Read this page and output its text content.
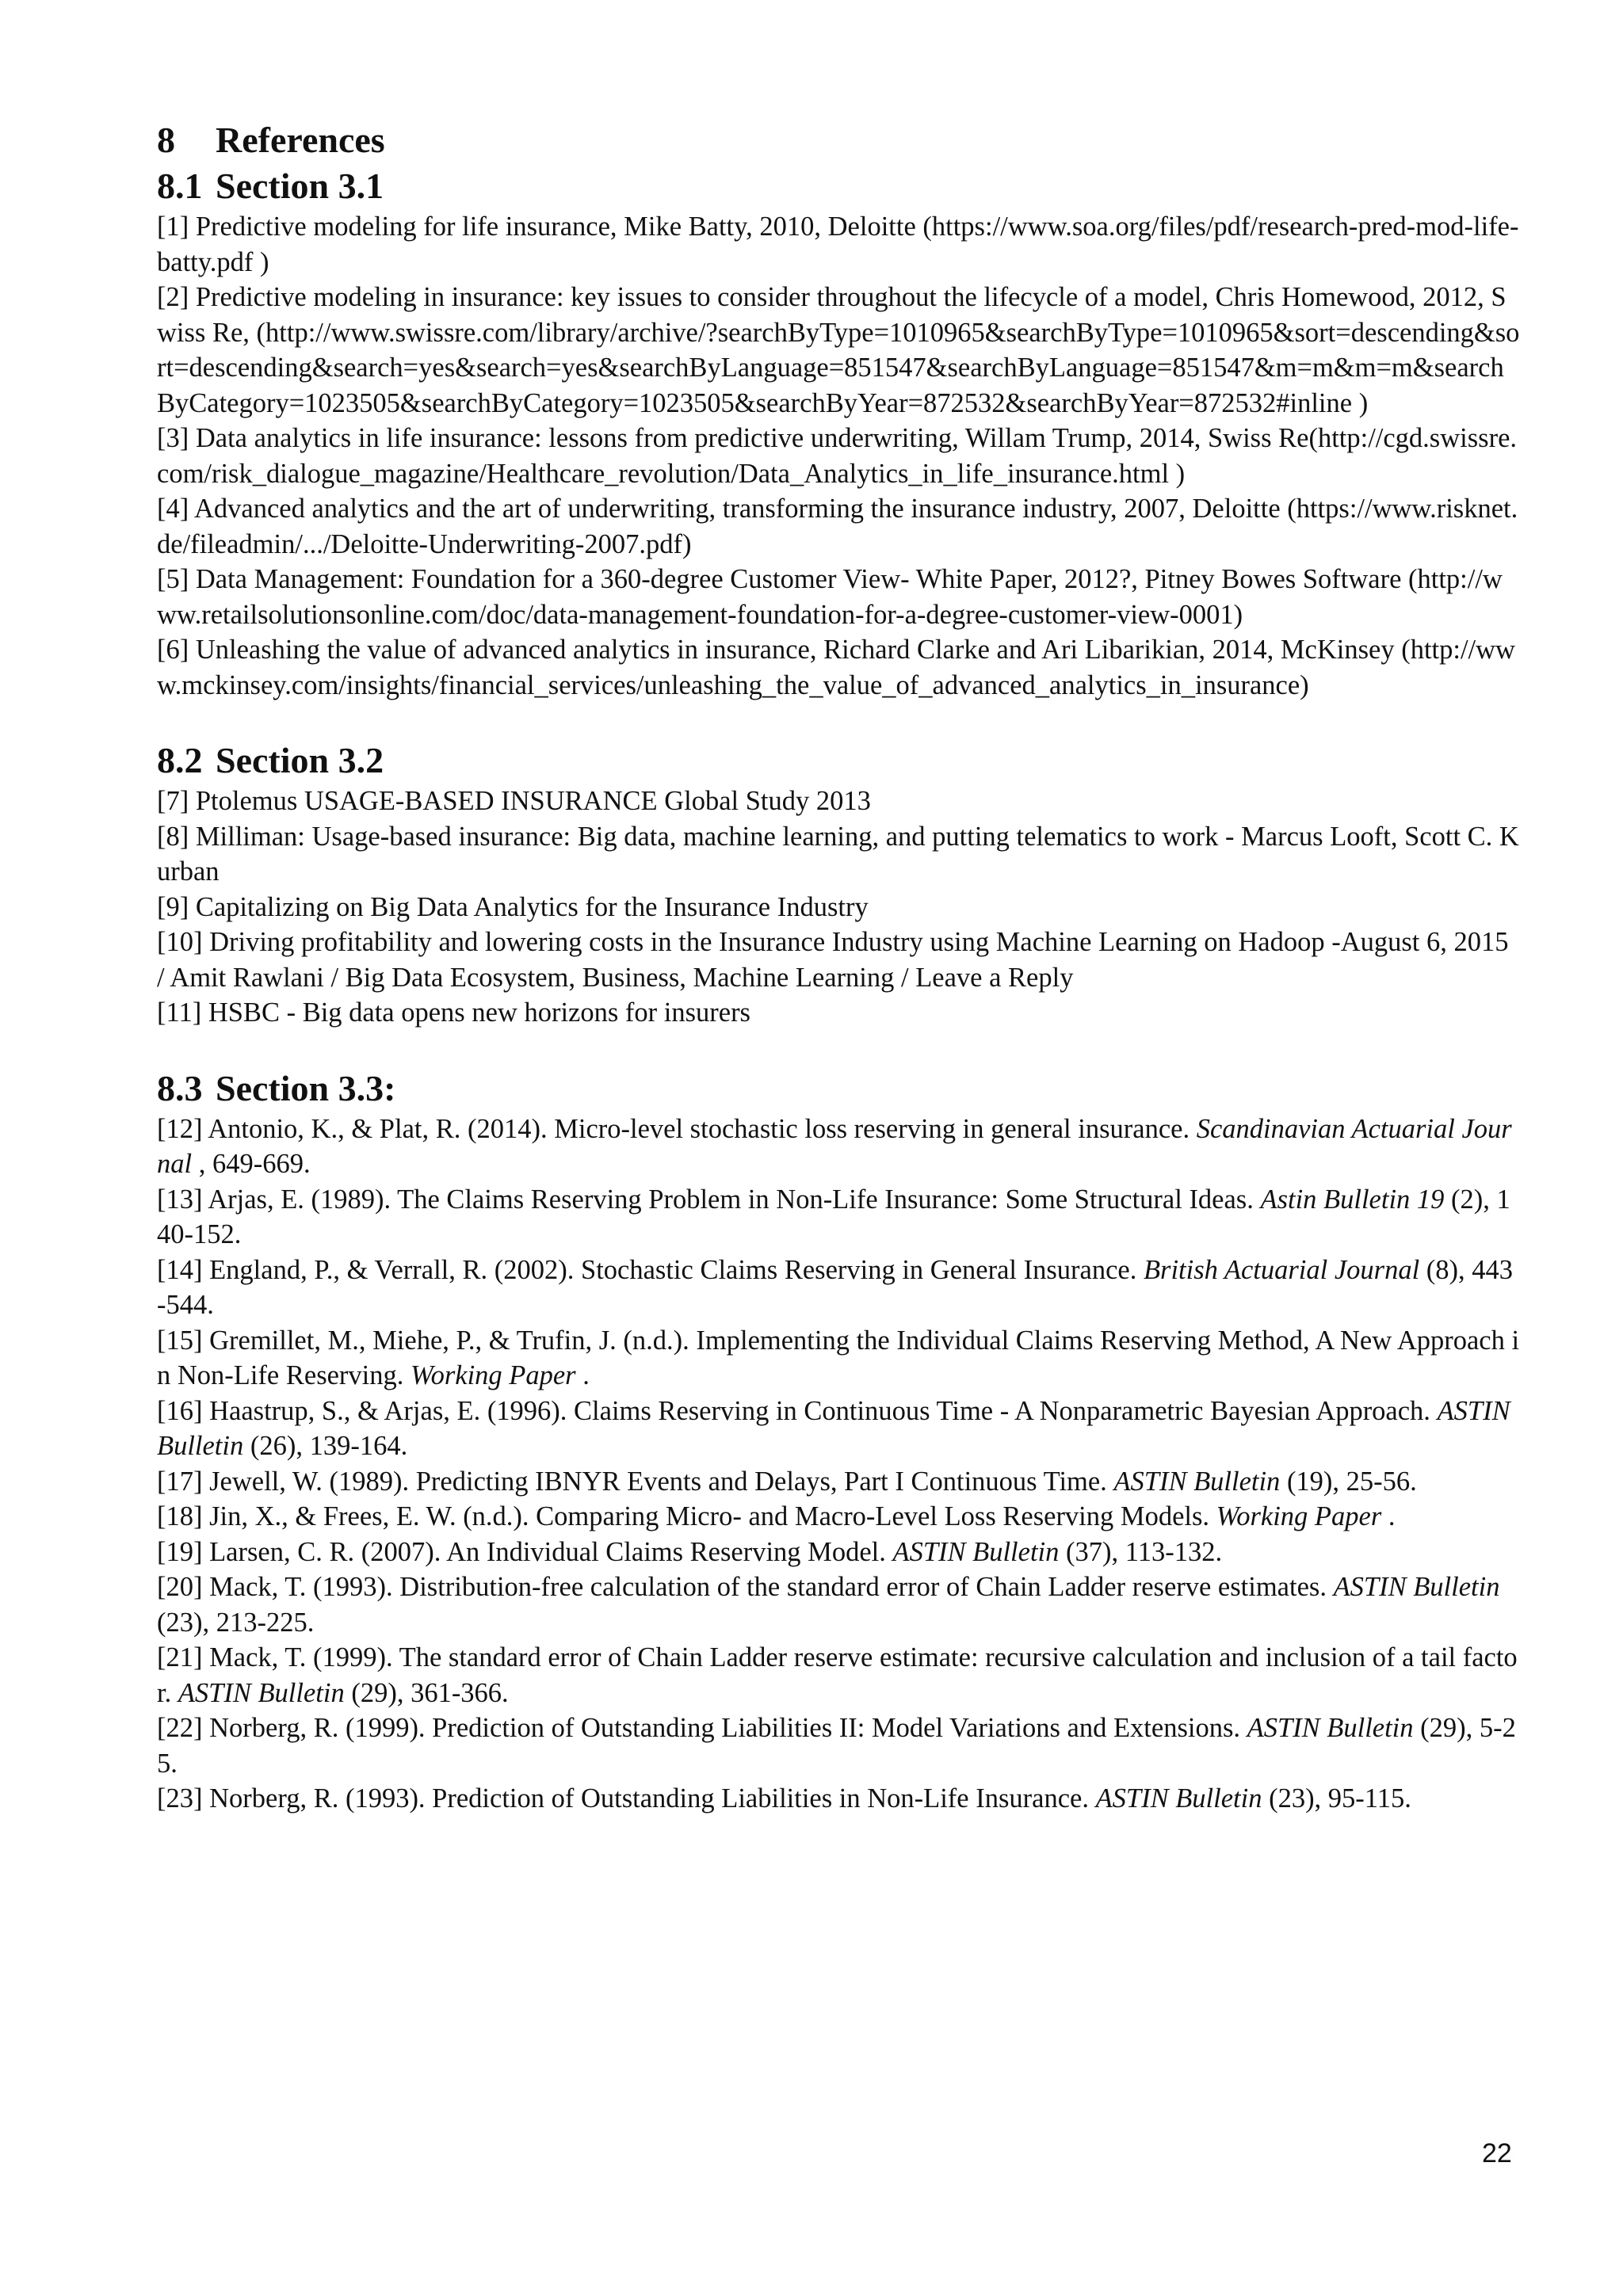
8 References
8.1 Section 3.1

[1] Predictive modeling for life insurance, Mike Batty, 2010, Deloitte (https://www.soa.org/files/pdf/research-pred-mod-life-batty.pdf )

[2] Predictive modeling in insurance: key issues to consider throughout the lifecycle of a model, Chris Homewood, 2012, Swiss Re, (http://www.swissre.com/library/archive/?searchByType=1010965&searchByType=1010965&sort=descending&sort=descending&search=yes&search=yes&searchByLanguage=851547&searchByLanguage=851547&m=m&m=m&searchByCategory=1023505&searchByCategory=1023505&searchByYear=872532&searchByYear=872532#inline )

[3] Data analytics in life insurance: lessons from predictive underwriting, Willam Trump, 2014, Swiss Re(http://cgd.swissre.com/risk_dialogue_magazine/Healthcare_revolution/Data_Analytics_in_life_insurance.html )

[4] Advanced analytics and the art of underwriting, transforming the insurance industry, 2007, Deloitte (https://www.risknet.de/fileadmin/.../Deloitte-Underwriting-2007.pdf)

[5] Data Management: Foundation for a 360-degree Customer View- White Paper, 2012?, Pitney Bowes Software (http://www.retailsolutionsonline.com/doc/data-management-foundation-for-a-degree-customer-view-0001)

[6] Unleashing the value of advanced analytics in insurance, Richard Clarke and Ari Libarikian, 2014, McKinsey (http://www.mckinsey.com/insights/financial_services/unleashing_the_value_of_advanced_analytics_in_insurance)

8.2 Section 3.2

[7] Ptolemus USAGE-BASED INSURANCE Global Study 2013

[8] Milliman: Usage-based insurance: Big data, machine learning, and putting telematics to work - Marcus Looft, Scott C. Kurban

[9] Capitalizing on Big Data Analytics for the Insurance Industry

[10] Driving profitability and lowering costs in the Insurance Industry using Machine Learning on Hadoop -August 6, 2015 / Amit Rawlani / Big Data Ecosystem, Business, Machine Learning / Leave a Reply

[11] HSBC - Big data opens new horizons for insurers

8.3 Section 3.3:

[12] Antonio, K., & Plat, R. (2014). Micro-level stochastic loss reserving in general insurance. Scandinavian Actuarial Journal , 649-669.

[13] Arjas, E. (1989). The Claims Reserving Problem in Non-Life Insurance: Some Structural Ideas. Astin Bulletin 19 (2), 140-152.

[14] England, P., & Verrall, R. (2002). Stochastic Claims Reserving in General Insurance. British Actuarial Journal (8), 443-544.

[15] Gremillet, M., Miehe, P., & Trufin, J. (n.d.). Implementing the Individual Claims Reserving Method, A New Approach in Non-Life Reserving. Working Paper .

[16] Haastrup, S., & Arjas, E. (1996). Claims Reserving in Continuous Time - A Nonparametric Bayesian Approach. ASTIN Bulletin (26), 139-164.

[17] Jewell, W. (1989). Predicting IBNYR Events and Delays, Part I Continuous Time. ASTIN Bulletin (19), 25-56.

[18] Jin, X., & Frees, E. W. (n.d.). Comparing Micro- and Macro-Level Loss Reserving Models. Working Paper .

[19] Larsen, C. R. (2007). An Individual Claims Reserving Model. ASTIN Bulletin (37), 113-132.

[20] Mack, T. (1993). Distribution-free calculation of the standard error of Chain Ladder reserve estimates. ASTIN Bulletin (23), 213-225.

[21] Mack, T. (1999). The standard error of Chain Ladder reserve estimate: recursive calculation and inclusion of a tail factor. ASTIN Bulletin (29), 361-366.

[22] Norberg, R. (1999). Prediction of Outstanding Liabilities II: Model Variations and Extensions. ASTIN Bulletin (29), 5-25.

[23] Norberg, R. (1993). Prediction of Outstanding Liabilities in Non-Life Insurance. ASTIN Bulletin (23), 95-115.

22
